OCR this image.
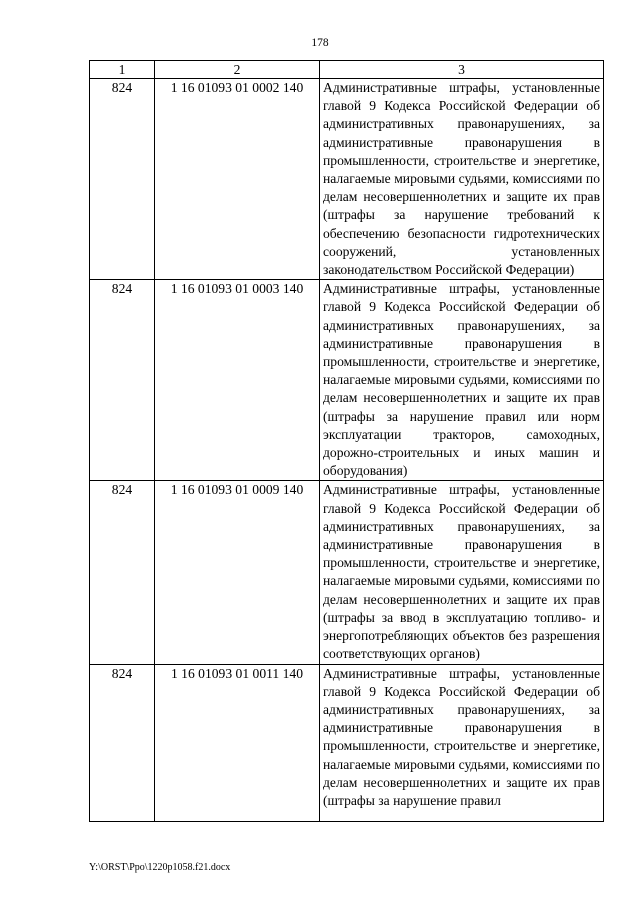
178
1	2	3
824	1 16 01093 01 0002 140	Административные штрафы, установленные главой 9 Кодекса Российской Федерации об административных правонарушениях, за административные правонарушения в промышленности, строительстве и энергетике, налагаемые мировыми судьями, комиссиями по делам несовершеннолетних и защите их прав (штрафы за нарушение требований к обеспечению безопасности гидротехнических сооружений, установленных законодательством Российской Федерации)

824	1 16 01093 01 0003 140	Административные штрафы, установленные главой 9 Кодекса Российской Федерации об административных правонарушениях, за административные правонарушения в промышленности, строительстве и энергетике, налагаемые мировыми судьями, комиссиями по делам несовершеннолетних и защите их прав (штрафы за нарушение правил или норм эксплуатации тракторов, самоходных, дорожно-строительных и иных машин и оборудования)

824	1 16 01093 01 0009 140	Административные штрафы, установленные главой 9 Кодекса Российской Федерации об административных правонарушениях, за административные правонарушения в промышленности, строительстве и энергетике, налагаемые мировыми судьями, комиссиями по делам несовершеннолетних и защите их прав (штрафы за ввод в эксплуатацию топливо- и энергопотребляющих объектов без разрешения соответствующих органов)

824	1 16 01093 01 0011 140	Административные штрафы, установленные главой 9 Кодекса Российской Федерации об административных правонарушениях, за административные правонарушения в промышленности, строительстве и энергетике, налагаемые мировыми судьями, комиссиями по делам несовершеннолетних и защите их прав (штрафы за нарушение правил
Y:\ORST\Ppo\1220p1058.f21.docx
